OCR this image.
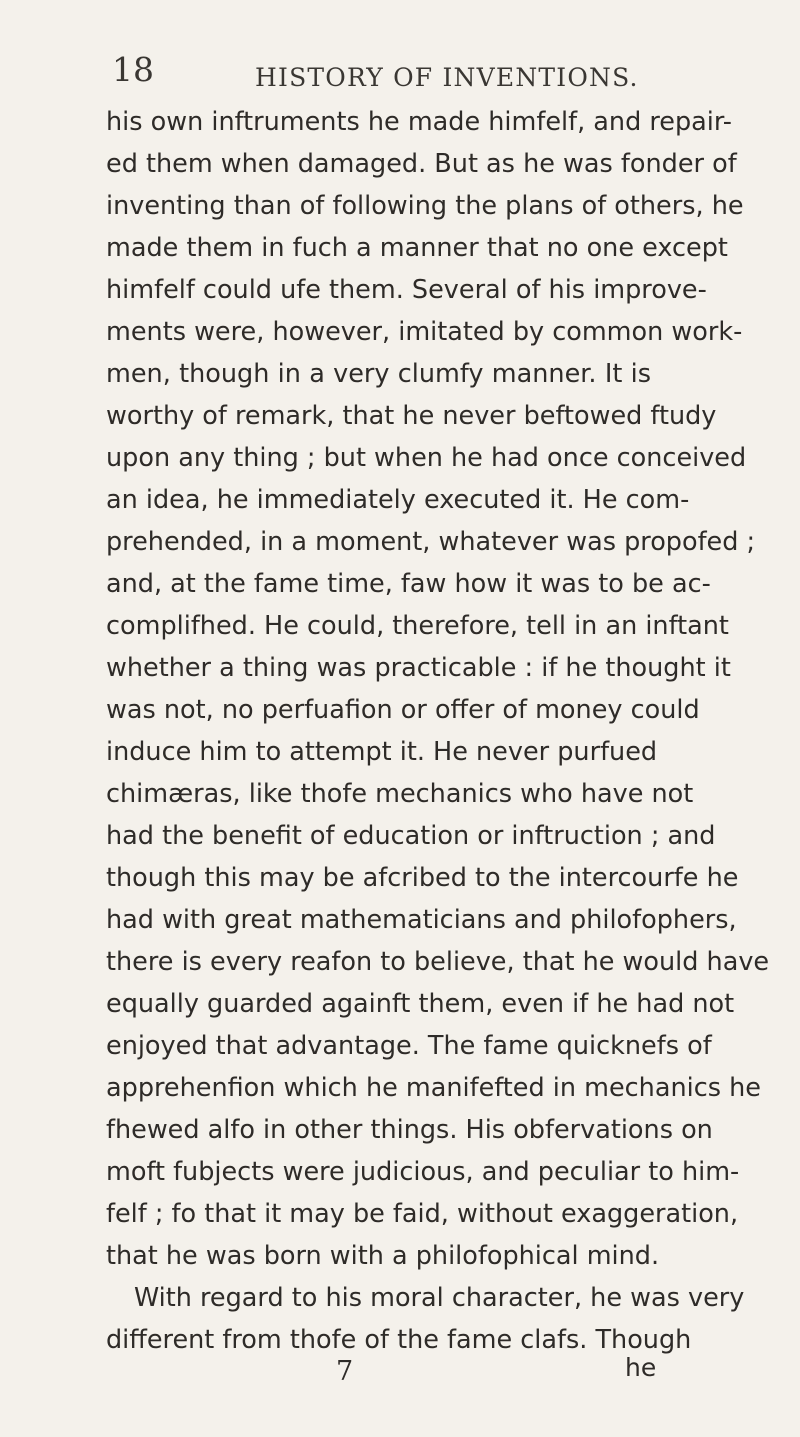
18	HISTORY OF INVENTIONS.
his own inftruments he made himfelf, and repair-
ed them when damaged. But as he was fonder of
inventing than of following the plans of others, he
made them in fuch a manner that no one except
himfelf could ufe them. Several of his improve-
ments were, however, imitated by common work-
men, though in a very clumfy manner. It is
worthy of remark, that he never beftowed ftudy
upon any thing ; but when he had once conceived
an idea, he immediately executed it. He com-
prehended, in a moment, whatever was propofed ;
and, at the fame time, faw how it was to be ac-
complifhed. He could, therefore, tell in an inftant
whether a thing was practicable : if he thought it
was not, no perfuafion or offer of money could
induce him to attempt it. He never purfued
chimæras, like thofe mechanics who have not
had the benefit of education or inftruction ; and
though this may be afcribed to the intercourfe he
had with great mathematicians and philofophers,
there is every reafon to believe, that he would have
equally guarded againft them, even if he had not
enjoyed that advantage. The fame quicknefs of
apprehenfion which he manifefted in mechanics he
fhewed alfo in other things. His obfervations on
moft fubjects were judicious, and peculiar to him-
felf ; fo that it may be faid, without exaggeration,
that he was born with a philofophical mind.
With regard to his moral character, he was very
different from thofe of the fame clafs. Though
7	he
